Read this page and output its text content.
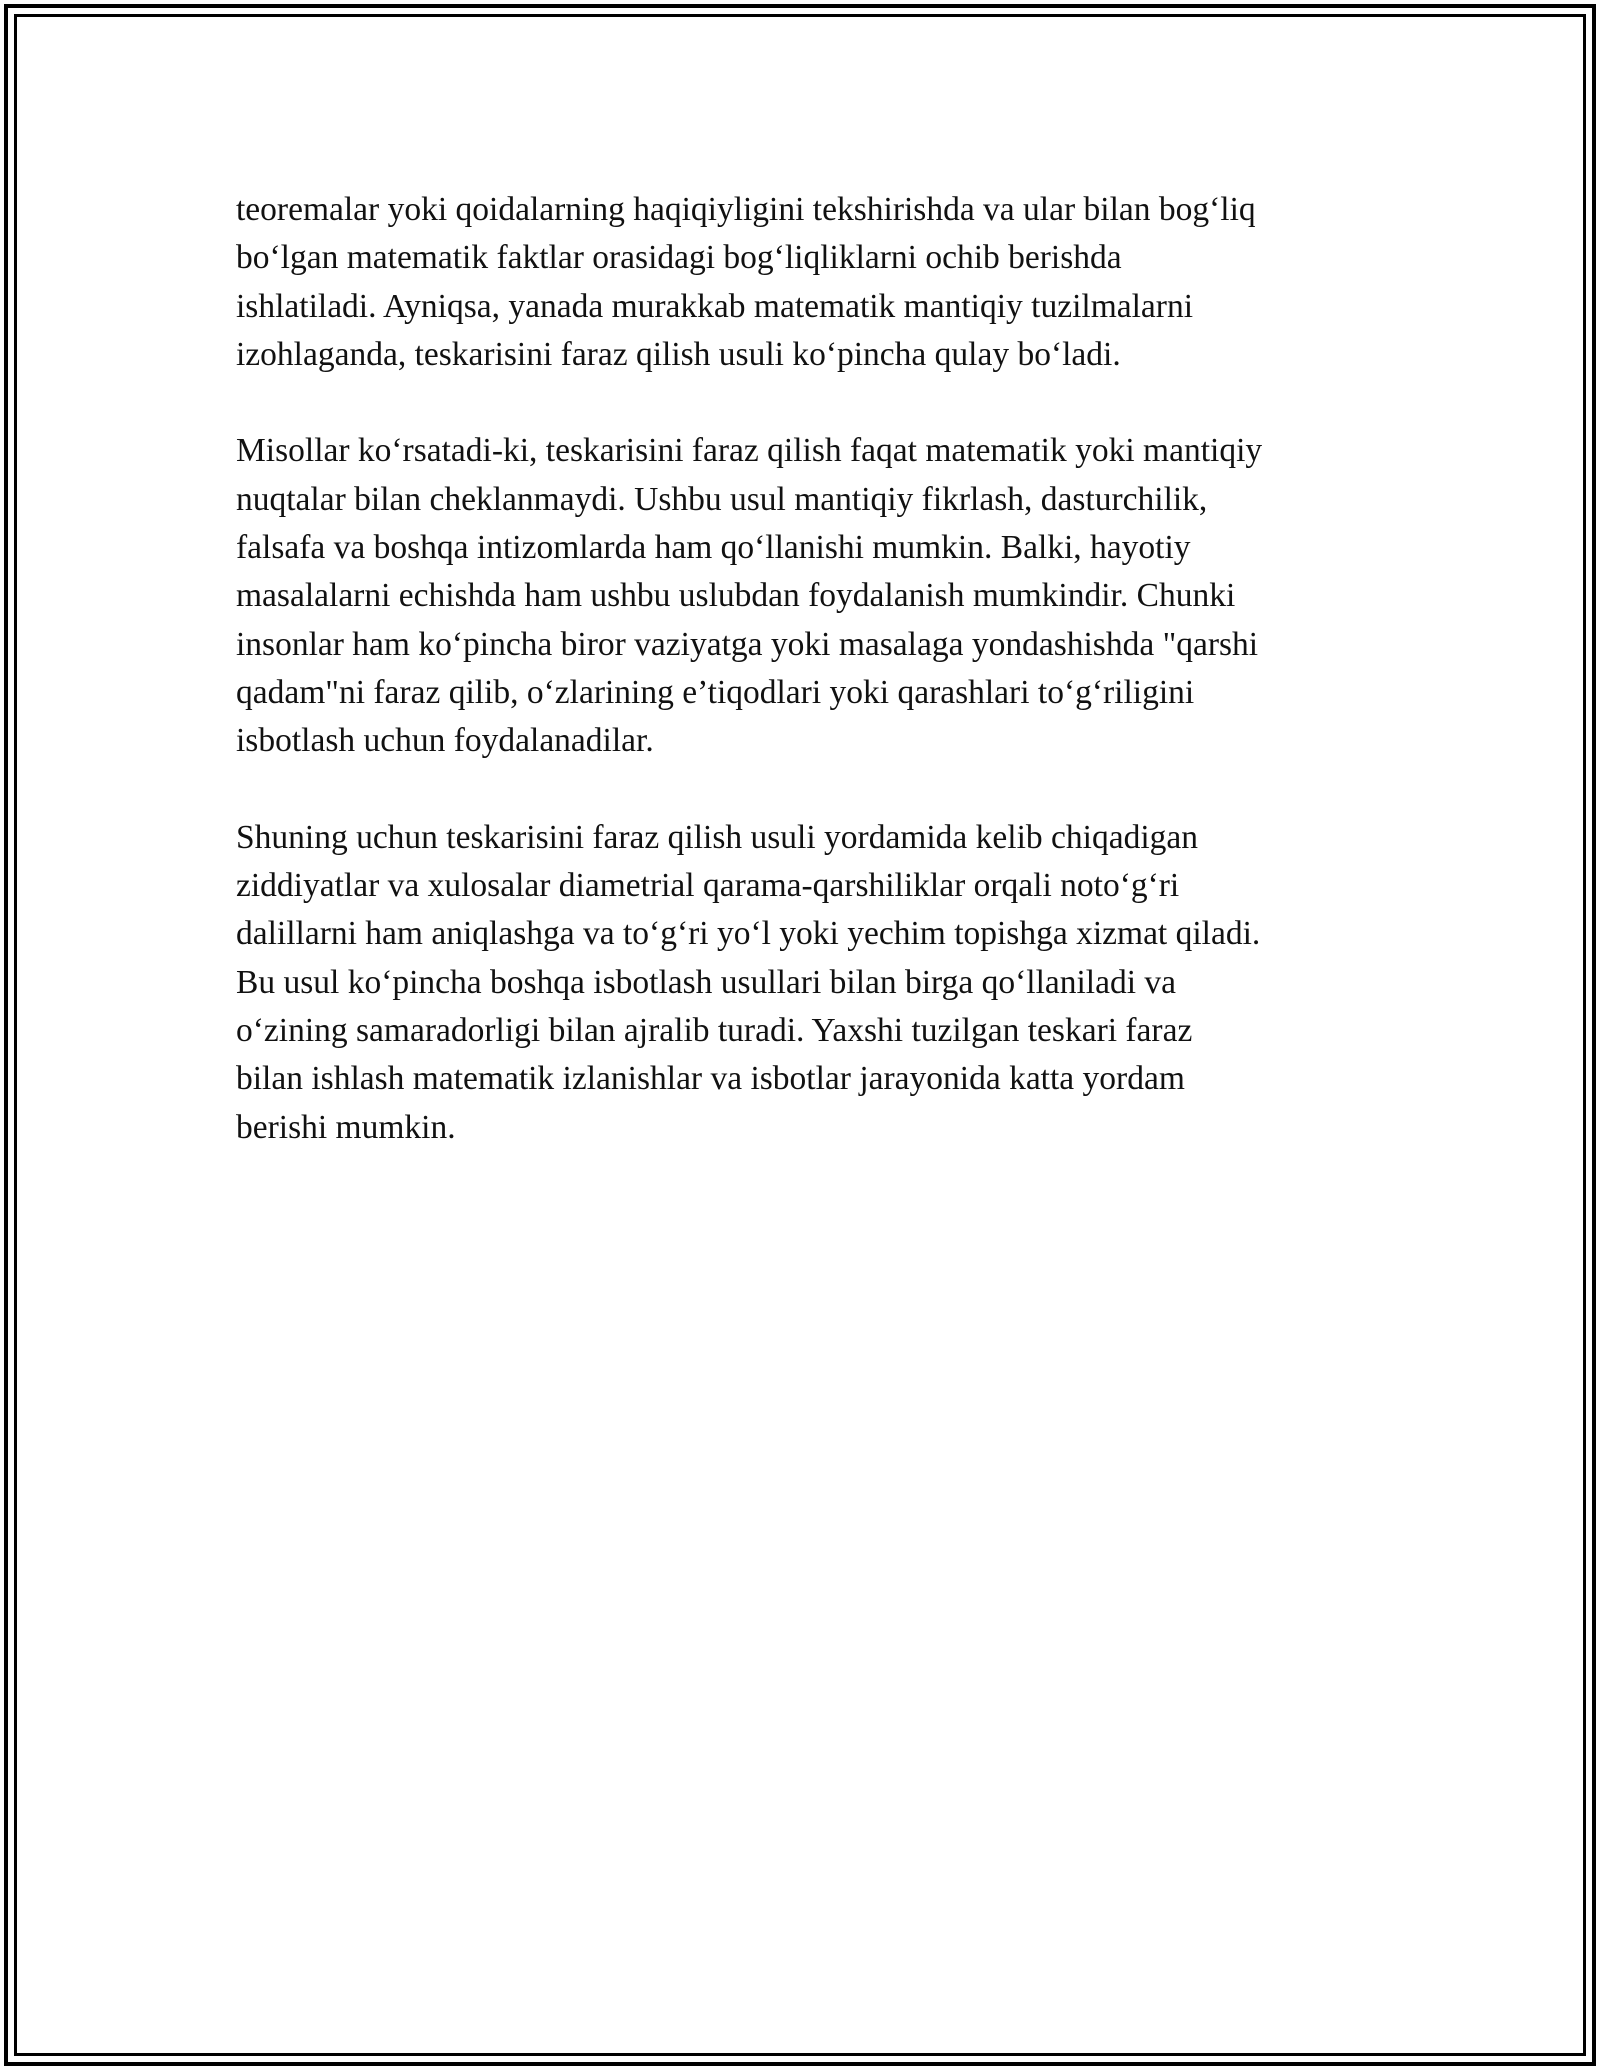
teoremalar yoki qoidalarning haqiqiyligini tekshirishda va ular bilan bog‘liq
bo‘lgan matematik faktlar orasidagi bog‘liqliklarni ochib berishda
ishlatiladi. Ayniqsa, yanada murakkab matematik mantiqiy tuzilmalarni
izohlaganda, teskarisini faraz qilish usuli ko‘pincha qulay bo‘ladi.

Misollar ko‘rsatadi-ki, teskarisini faraz qilish faqat matematik yoki mantiqiy
nuqtalar bilan cheklanmaydi. Ushbu usul mantiqiy fikrlash, dasturchilik,
falsafa va boshqa intizomlarda ham qo‘llanishi mumkin. Balki, hayotiy
masalalarni echishda ham ushbu uslubdan foydalanish mumkindir. Chunki
insonlar ham ko‘pincha biror vaziyatga yoki masalaga yondashishda "qarshi
qadam"ni faraz qilib, o‘zlarining e’tiqodlari yoki qarashlari to‘g‘riligini
isbotlash uchun foydalanadilar.

Shuning uchun teskarisini faraz qilish usuli yordamida kelib chiqadigan
ziddiyatlar va xulosalar diametrial qarama-qarshiliklar orqali noto‘g‘ri
dalillarni ham aniqlashga va to‘g‘ri yo‘l yoki yechim topishga xizmat qiladi.
Bu usul ko‘pincha boshqa isbotlash usullari bilan birga qo‘llaniladi va
o‘zining samaradorligi bilan ajralib turadi. Yaxshi tuzilgan teskari faraz
bilan ishlash matematik izlanishlar va isbotlar jarayonida katta yordam
berishi mumkin.
